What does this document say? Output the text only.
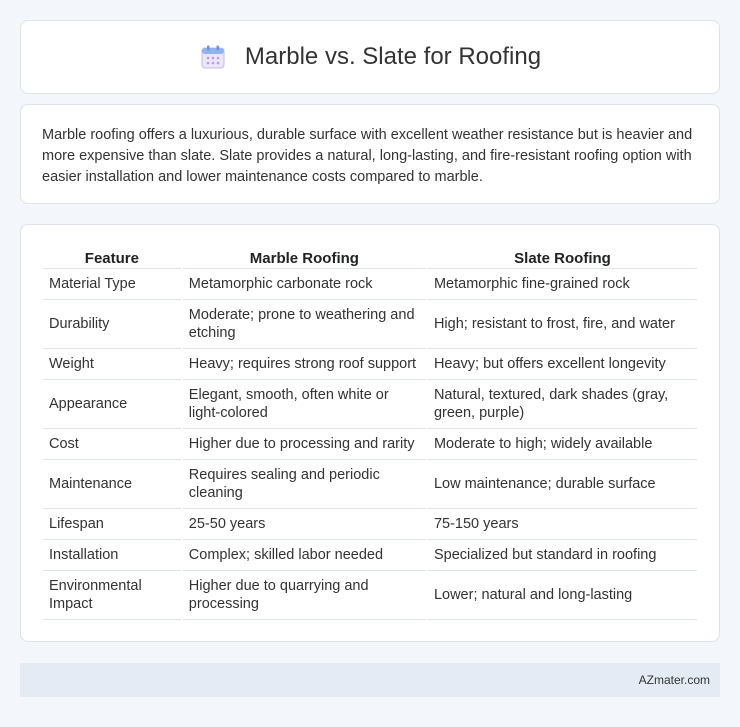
Marble vs. Slate for Roofing

Marble roofing offers a luxurious, durable surface with excellent weather resistance but is heavier and more expensive than slate. Slate provides a natural, long-lasting, and fire-resistant roofing option with easier installation and lower maintenance costs compared to marble.

Feature	Marble Roofing	Slate Roofing
Material Type	Metamorphic carbonate rock	Metamorphic fine-grained rock
Durability	Moderate; prone to weathering and etching	High; resistant to frost, fire, and water
Weight	Heavy; requires strong roof support	Heavy; but offers excellent longevity
Appearance	Elegant, smooth, often white or light-colored	Natural, textured, dark shades (gray, green, purple)
Cost	Higher due to processing and rarity	Moderate to high; widely available
Maintenance	Requires sealing and periodic cleaning	Low maintenance; durable surface
Lifespan	25-50 years	75-150 years
Installation	Complex; skilled labor needed	Specialized but standard in roofing
Environmental Impact	Higher due to quarrying and processing	Lower; natural and long-lasting
AZmater.com
